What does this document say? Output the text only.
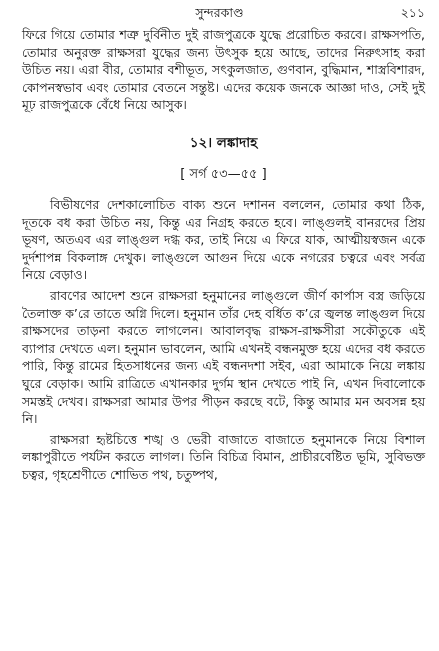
সুন্দরকাণ্ড	২১১

ফিরে গিয়ে তোমার শত্রু দুর্বিনীত দুই রাজপুত্রকে যুদ্ধে প্ররোচিত করবে। রাক্ষসপতি, তোমার অনুরক্ত রাক্ষসরা যুদ্ধের জন্য উৎসুক হয়ে আছে, তাদের নিরুৎসাহ করা উচিত নয়। এরা বীর, তোমার বশীভূত, সৎকুলজাত, গুণবান, বুদ্ধিমান, শাস্ত্রবিশারদ, কোপনস্বভাব এবং তোমার বেতনে সন্তুষ্ট। এদের কয়েক জনকে আজ্ঞা দাও, সেই দুই মূঢ় রাজপুত্রকে বেঁধে নিয়ে আসুক।

১২। লঙ্কাদাহ
[ সর্গ ৫৩—৫৫ ]

বিভীষণের দেশকালোচিত বাক্য শুনে দশানন বললেন, তোমার কথা ঠিক, দূতকে বধ করা উচিত নয়, কিন্তু এর নিগ্রহ করতে হবে। লাঙ্গুলই বানরদের প্রিয় ভূষণ, অতএব এর লাঙ্গুল দগ্ধ কর, তাই নিয়ে এ ফিরে যাক, আত্মীয়স্বজন একে দুর্দশাপন্ন বিকলাঙ্গ দেখুক। লাঙ্গুলে আগুন দিয়ে একে নগরের চত্বরে এবং সর্বত্র নিয়ে বেড়াও।

রাবণের আদেশ শুনে রাক্ষসরা হনুমানের লাঙ্গুলে জীর্ণ কার্পাস বস্ত্র জড়িয়ে তৈলাক্ত ক’রে তাতে অগ্নি দিলে। হনুমান তাঁর দেহ বর্ধিত ক’রে জ্বলন্ত লাঙ্গুল দিয়ে রাক্ষসদের তাড়না করতে লাগলেন। আবালবৃদ্ধ রাক্ষস-রাক্ষসীরা সকৌতুকে এই ব্যাপার দেখতে এল। হনুমান ভাবলেন, আমি এখনই বন্ধনমুক্ত হয়ে এদের বধ করতে পারি, কিন্তু রামের হিতসাধনের জন্য এই বন্ধনদশা সইব, এরা আমাকে নিয়ে লঙ্কায় ঘুরে বেড়াক। আমি রাত্রিতে এখানকার দুর্গম স্থান দেখতে পাই নি, এখন দিবালোকে সমস্তই দেখব। রাক্ষসরা আমার উপর পীড়ন করছে বটে, কিন্তু আমার মন অবসন্ন হয় নি।

রাক্ষসরা হৃষ্টচিত্তে শঙ্খ ও ভেরী বাজাতে বাজাতে হনুমানকে নিয়ে বিশাল লঙ্কাপুরীতে পর্যটন করতে লাগল। তিনি বিচিত্র বিমান, প্রাচীরবেষ্টিত ভূমি, সুবিভক্ত চত্বর, গৃহশ্রেণীতে শোভিত পথ, চতুষ্পথ,
